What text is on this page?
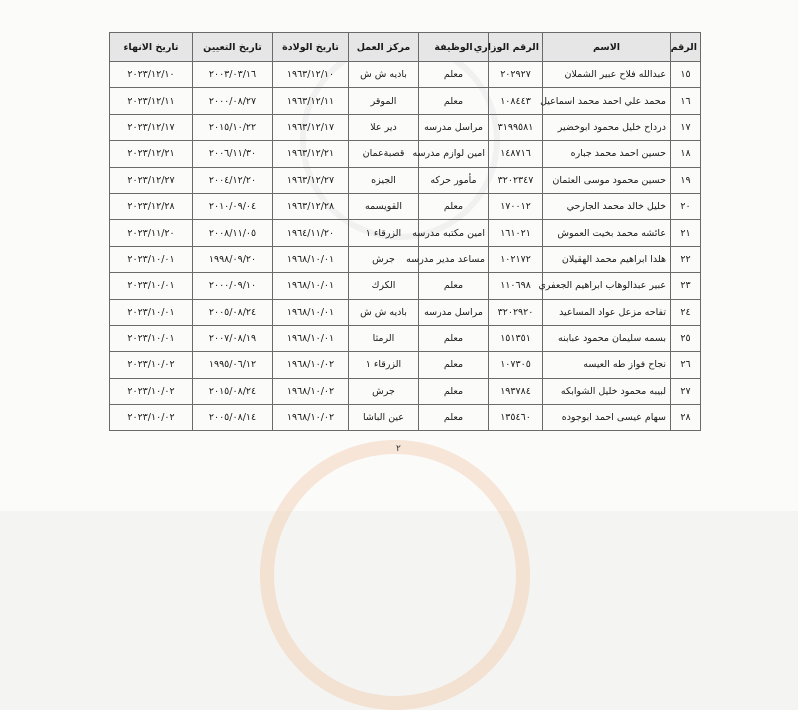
الرقم	الاسم	الرقم الوزاري	الوظيفة	مركز العمل	تاريخ الولادة	تاريخ التعيين	تاريخ الانهاء
١٥	عبدالله فلاح عبير الشملان	٢٠٢٩٢٧	معلم	باديه ش ش	١٩٦٣/١٢/١٠	٢٠٠٣/٠٣/١٦	٢٠٢٣/١٢/١٠
١٦	محمد علي احمد محمد اسماعيل	١٠٨٤٤٣	معلم	الموقر	١٩٦٣/١٢/١١	٢٠٠٠/٠٨/٢٧	٢٠٢٣/١٢/١١
١٧	درداح خليل محمود ابوخضير	٣١٩٩٥٨١	مراسل مدرسه	دير علا	١٩٦٣/١٢/١٧	٢٠١٥/١٠/٢٢	٢٠٢٣/١٢/١٧
١٨	حسين احمد محمد جباره	١٤٨٧١٦	امين لوازم مدرسه	قصبةعمان	١٩٦٣/١٢/٢١	٢٠٠٦/١١/٣٠	٢٠٢٣/١٢/٢١
١٩	حسين محمود موسى العثمان	٣٢٠٢٣٤٧	مأمور حركه	الجيزه	١٩٦٣/١٢/٢٧	٢٠٠٤/١٢/٢٠	٢٠٢٣/١٢/٢٧
٢٠	خليل خالد محمد الجارحي	١٧٠٠١٢	معلم	القويسمه	١٩٦٣/١٢/٢٨	٢٠١٠/٠٩/٠٤	٢٠٢٣/١٢/٢٨
٢١	عائشه محمد بخيت العموش	١٦١٠٢١	امين مكتبه مدرسه	الزرقاء ١	١٩٦٤/١١/٢٠	٢٠٠٨/١١/٠٥	٢٠٢٣/١١/٢٠
٢٢	هلدا ابراهيم محمد الهقيلان	١٠٢١٧٢	مساعد مدير مدرسه	جرش	١٩٦٨/١٠/٠١	١٩٩٨/٠٩/٢٠	٢٠٢٣/١٠/٠١
٢٣	عبير عبدالوهاب ابراهيم الجعفري	١١٠٦٩٨	معلم	الكرك	١٩٦٨/١٠/٠١	٢٠٠٠/٠٩/١٠	٢٠٢٣/١٠/٠١
٢٤	تفاحه مزعل عواد المساعيد	٣٢٠٢٩٢٠	مراسل مدرسه	باديه ش ش	١٩٦٨/١٠/٠١	٢٠٠٥/٠٨/٢٤	٢٠٢٣/١٠/٠١
٢٥	بسمه سليمان محمود عبابنه	١٥١٣٥١	معلم	الرمثا	١٩٦٨/١٠/٠١	٢٠٠٧/٠٨/١٩	٢٠٢٣/١٠/٠١
٢٦	نجاح فواز طه العيسه	١٠٧٣٠٥	معلم	الزرقاء ١	١٩٦٨/١٠/٠٢	١٩٩٥/٠٦/١٢	٢٠٢٣/١٠/٠٢
٢٧	لبيبه محمود خليل الشوابكه	١٩٣٧٨٤	معلم	جرش	١٩٦٨/١٠/٠٢	٢٠١٥/٠٨/٢٤	٢٠٢٣/١٠/٠٢
٢٨	سهام عيسى احمد ابوجوده	١٣٥٤٦٠	معلم	عين الباشا	١٩٦٨/١٠/٠٢	٢٠٠٥/٠٨/١٤	٢٠٢٣/١٠/٠٢
٢
